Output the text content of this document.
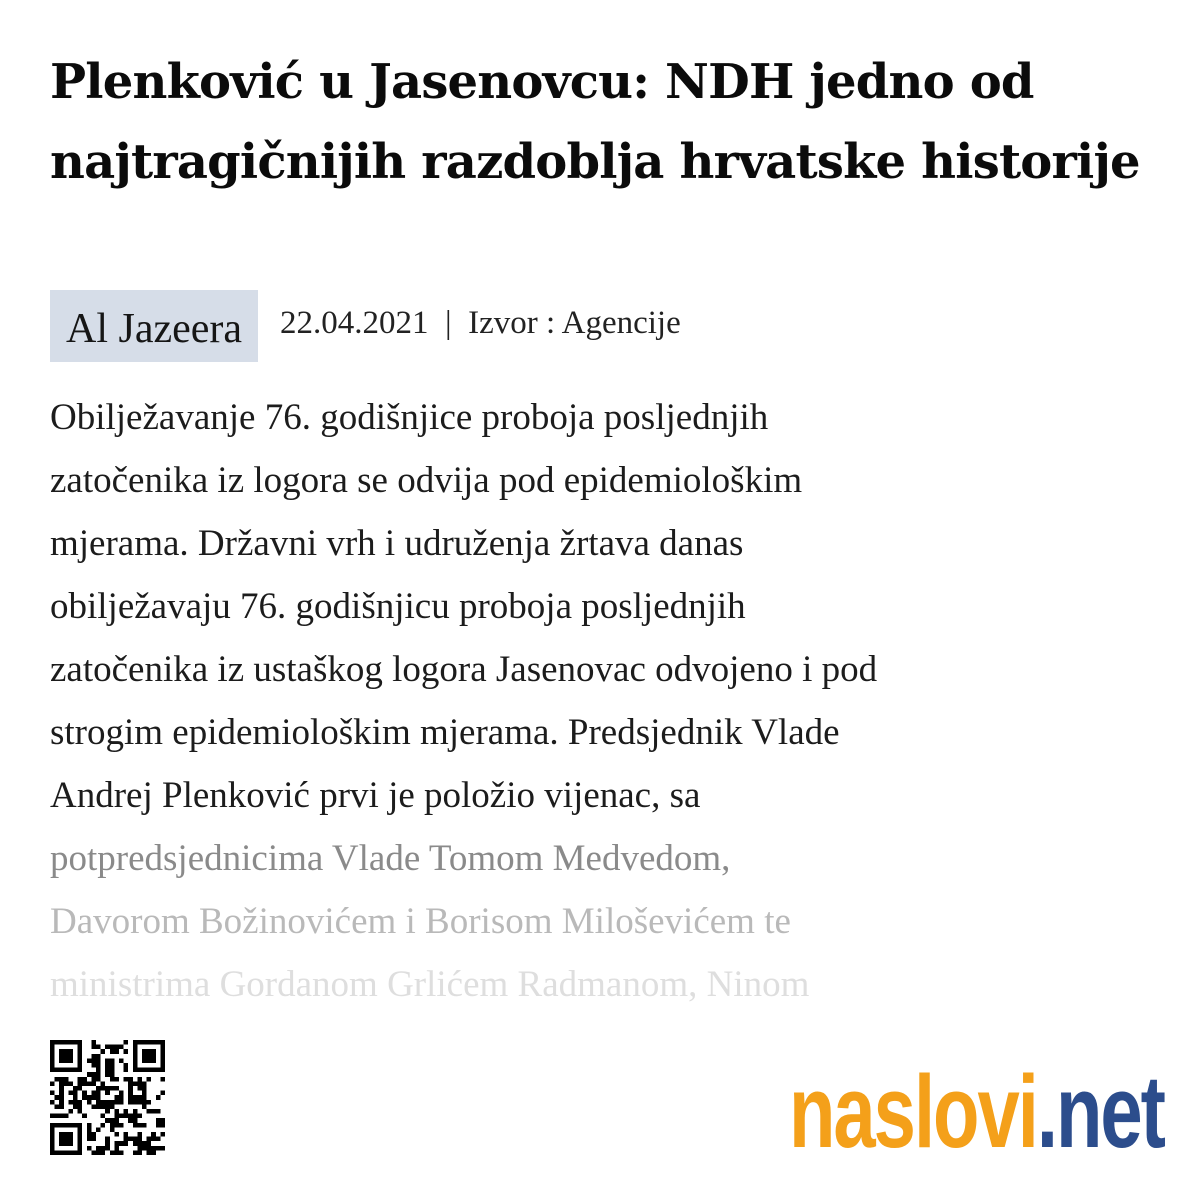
Plenković u Jasenovcu: NDH jedno od najtragičnijih razdoblja hrvatske historije
Al Jazeera	22.04.2021  |  Izvor : Agencije
Obilježavanje 76. godišnjice proboja posljednjih
zatočenika iz logora se odvija pod epidemiološkim
mjerama. Državni vrh i udruženja žrtava danas
obilježavaju 76. godišnjicu proboja posljednjih
zatočenika iz ustaškog logora Jasenovac odvojeno i pod
strogim epidemiološkim mjerama. Predsjednik Vlade
Andrej Plenković prvi je položio vijenac, sa
potpredsjednicima Vlade Tomom Medvedom,
Davorom Božinovićem i Borisom Miloševićem te
ministrima Gordanom Grlićem Radmanom, Ninom
naslovi .net
